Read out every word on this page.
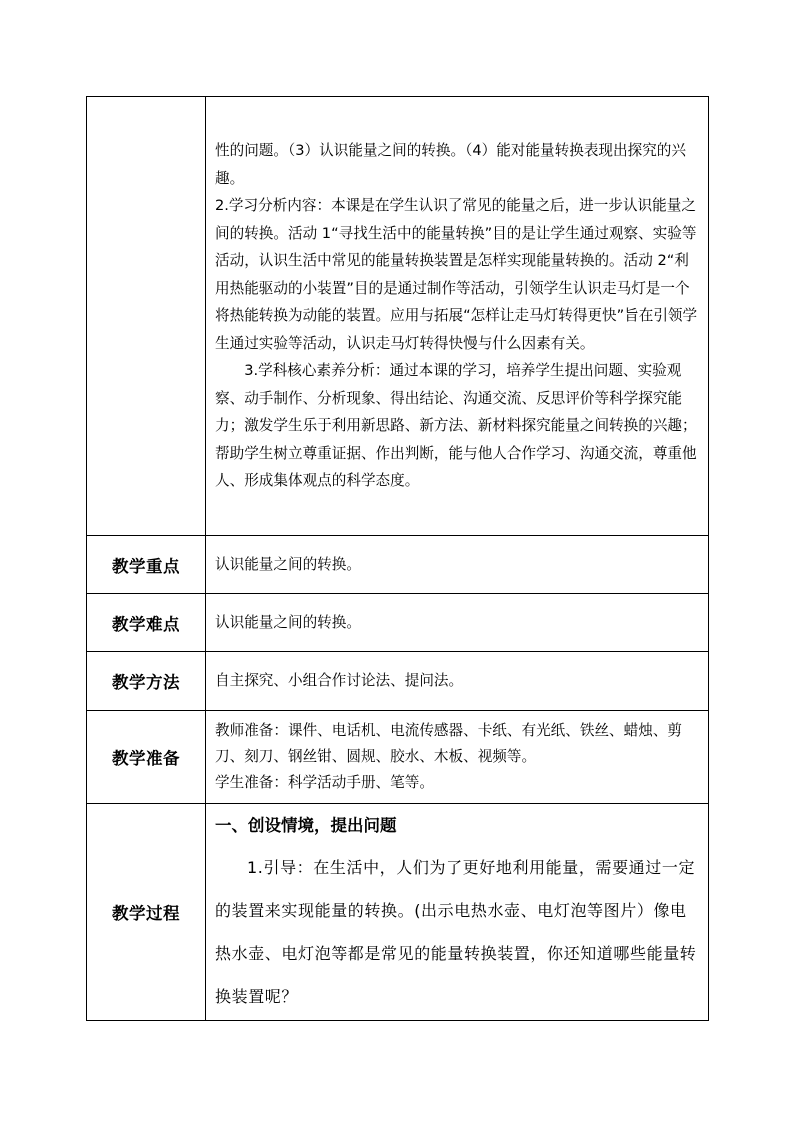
	性的问题。（3）认识能量之间的转换。（4）能对能量转换表现出探究的兴趣。

2.学习分析内容：本课是在学生认识了常见的能量之后，进一步认识能量之间的转换。活动 1“寻找生活中的能量转换”目的是让学生通过观察、实验等活动，认识生活中常见的能量转换装置是怎样实现能量转换的。活动 2“利用热能驱动的小装置”目的是通过制作等活动，引领学生认识走马灯是一个将热能转换为动能的装置。应用与拓展“怎样让走马灯转得更快”旨在引领学生通过实验等活动，认识走马灯转得快慢与什么因素有关。

3.学科核心素养分析：通过本课的学习，培养学生提出问题、实验观察、动手制作、分析现象、得出结论、沟通交流、反思评价等科学探究能力；激发学生乐于利用新思路、新方法、新材料探究能量之间转换的兴趣；帮助学生树立尊重证据、作出判断，能与他人合作学习、沟通交流，尊重他人、形成集体观点的科学态度。

教学重点	认识能量之间的转换。
教学难点	认识能量之间的转换。
教学方法	自主探究、小组合作讨论法、提问法。
教学准备	教师准备：课件、电话机、电流传感器、卡纸、有光纸、铁丝、蜡烛、剪刀、刻刀、钢丝钳、圆规、胶水、木板、视频等。

学生准备：科学活动手册、笔等。

教学过程	一、创设情境，提出问题

1.引导：在生活中，人们为了更好地利用能量，需要通过一定的装置来实现能量的转换。(出示电热水壶、电灯泡等图片）像电热水壶、电灯泡等都是常见的能量转换装置，你还知道哪些能量转换装置呢？
